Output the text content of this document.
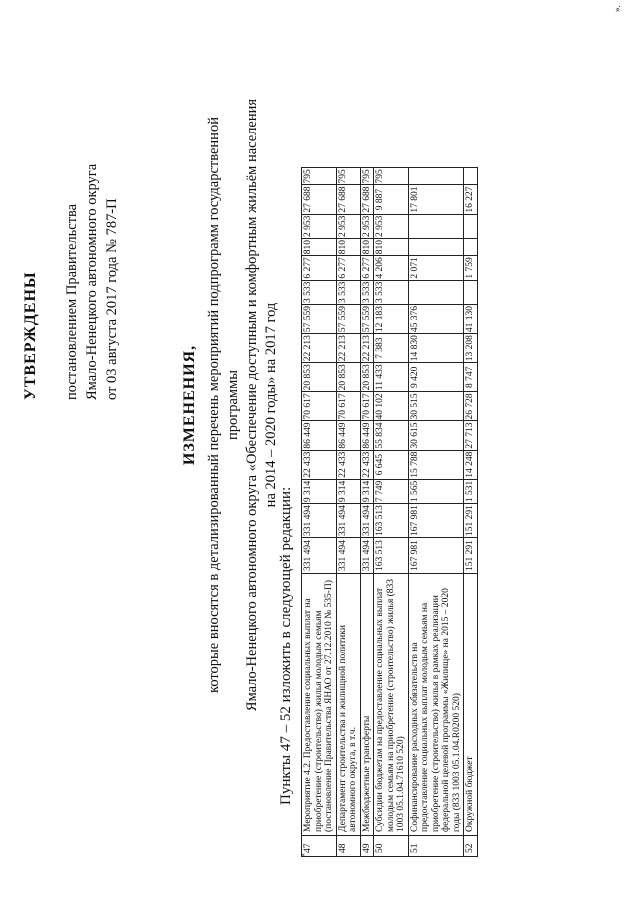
УТВЕРЖДЕНЫ постановлением Правительства Ямало-Ненецкого автономного округа от 03 августа 2017 года № 787-П
ИЗМЕНЕНИЯ, которые вносятся в детализированный перечень мероприятий подпрограмм государственной программы Ямало-Ненецкого автономного округа «Обеспечение доступным и комфортным жильём населения на 2014 – 2020 годы» на 2017 год
Пункты 47 – 52 изложить в следующей редакции:
«
47	Мероприятие 4.2. Предоставление социальных выплат на приобретение (строительство) жилья молодым семьям (постановление Правительства ЯНАО от 27.12.2010 № 535-П)	331 494	331 494	9 314	22 433	86 449	70 617	20 853	22 213	57 559	3 533	6 277	810	2 953	27 688	795
48	Департамент строительства и жилищной политики автономного округа, в т.ч.	331 494	331 494	9 314	22 433	86 449	70 617	20 853	22 213	57 559	3 533	6 277	810	2 953	27 688	795
49	Межбюджетные трансферты	331 494	331 494	9 314	22 433	86 449	70 617	20 853	22 213	57 559	3 533	6 277	810	2 953	27 688	795
50	Субсидии бюджетам на предоставление социальных выплат молодым семьям на приобретение (строительство) жилья (833 1003 05.1.04.71610 520)	163 513	163 513	7 749	6 645	55 834	40 102	11 433	7 383	12 183	3 533	4 206	810	2 953	9 887	795
51	Софинансирование расходных обязательств на предоставление социальных выплат молодым семьям на приобретение (строительство) жилья в рамках реализации федеральной целевой программы «Жилище» на 2015 – 2020 годы (833 1003 05.1.04.R0200 520)	167 981	167 981	1 565	15 788	30 615	30 515	9 420	14 830	45 376		2 071			17 801	
52	Окружной бюджет	151 291	151 291	1 531	14 248	27 713	26 728	8 747	13 208	41 130		1 759			16 227	
».
